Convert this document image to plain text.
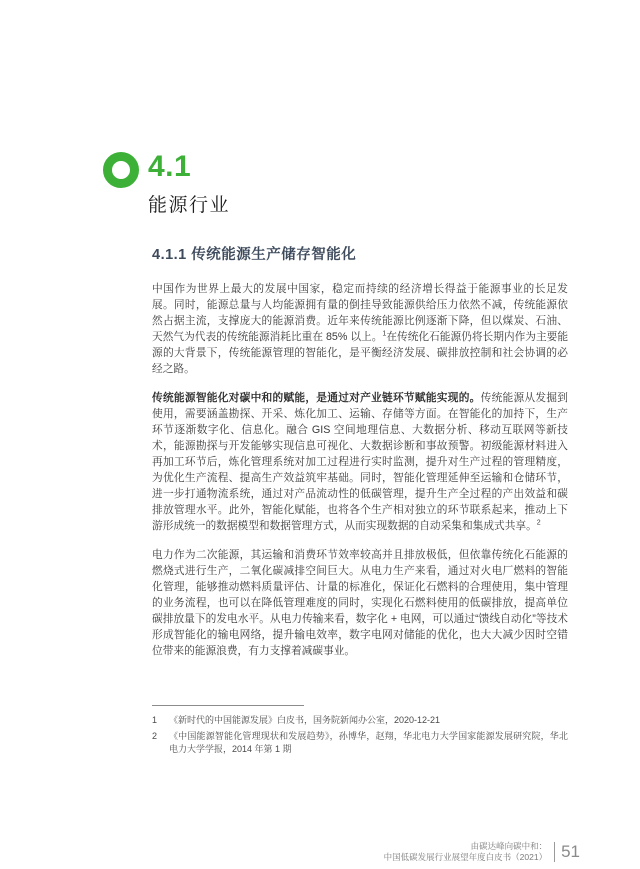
4.1
能源行业
4.1.1 传统能源生产储存智能化

中国作为世界上最大的发展中国家，稳定而持续的经济增长得益于能源事业的长足发展。同时，能源总量与人均能源拥有量的倒挂导致能源供给压力依然不减，传统能源依然占据主流，支撑庞大的能源消费。近年来传统能源比例逐渐下降，但以煤炭、石油、天然气为代表的传统能源消耗比重在 85% 以上。$^1$在传统化石能源仍将长期内作为主要能源的大背景下，传统能源管理的智能化，是平衡经济发展、碳排放控制和社会协调的必经之路。

传统能源智能化对碳中和的赋能，是通过对产业链环节赋能实现的。传统能源从发掘到使用，需要涵盖勘探、开采、炼化加工、运输、存储等方面。在智能化的加持下，生产环节逐渐数字化、信息化。融合 GIS 空间地理信息、大数据分析、移动互联网等新技术，能源勘探与开发能够实现信息可视化、大数据诊断和事故预警。初级能源材料进入再加工环节后，炼化管理系统对加工过程进行实时监测，提升对生产过程的管理精度，为优化生产流程、提高生产效益筑牢基础。同时，智能化管理延伸至运输和仓储环节，进一步打通物流系统，通过对产品流动性的低碳管理，提升生产全过程的产出效益和碳排放管理水平。此外，智能化赋能，也将各个生产相对独立的环节联系起来，推动上下游形成统一的数据模型和数据管理方式，从而实现数据的自动采集和集成式共享。$^2$

电力作为二次能源，其运输和消费环节效率较高并且排放极低，但依靠传统化石能源的燃烧式进行生产，二氧化碳减排空间巨大。从电力生产来看，通过对火电厂燃料的智能化管理，能够推动燃料质量评估、计量的标准化，保证化石燃料的合理使用，集中管理的业务流程，也可以在降低管理难度的同时，实现化石燃料使用的低碳排放，提高单位碳排放量下的发电水平。从电力传输来看，数字化 + 电网，可以通过“馈线自动化”等技术形成智能化的输电网络，提升输电效率，数字电网对储能的优化，也大大减少因时空错位带来的能源浪费，有力支撑着减碳事业。

1	《新时代的中国能源发展》白皮书，国务院新闻办公室，2020-12-21
2	《中国能源智能化管理现状和发展趋势》，孙博华，赵翔，华北电力大学国家能源发展研究院，华北电力大学学报，2014 年第 1 期
由碳达峰向碳中和：
中国低碳发展行业展望年度白皮书（2021） 51
